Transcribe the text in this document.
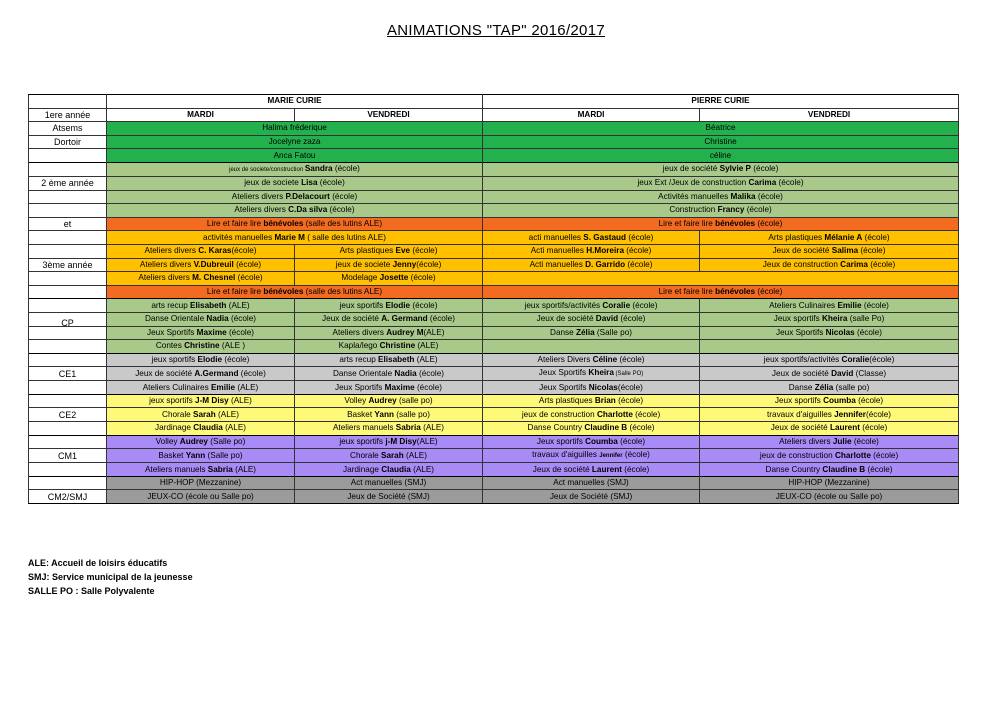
ANIMATIONS "TAP" 2016/2017
	MARIE CURIE		PIERRE CURIE	
1ere année	MARDI	VENDREDI	MARDI	VENDREDI
Atsems	Halima fréderique		Béatrice	
Dortoir	Jocelyne zaza		Christine	
	Anca Fatou		céline	
	jeux de societe/construction Sandra (école)		jeux de société Sylvie P (école)	
2 ème année	jeux de societe Lisa (école)		jeux Ext /Jeux de construction Carima (école)	
	Ateliers divers P.Delacourt (école)		Activités manuelles Malika (école)	
	Ateliers divers C.Da silva (école)		Construction Francy (école)	
et	Lire et faire lire bénévoles (salle des lutins ALE)		Lire et faire lire bénévoles (école)	
	activités manuelles Marie M ( salle des lutins ALE)		acti manuelles S. Gastaud (école)	Arts plastiques Mélanie A (école)
	Ateliers divers C. Karas(école)	Arts plastiques Eve (école)	Acti manuelles H.Moreira (école)	Jeux de société Salima (école)
3ème année	Ateliers divers V.Dubreuil (école)	jeux de societe Jenny(école)	Acti manuelles D. Garrido (école)	Jeux de construction Carima (école)
	Ateliers divers M. Chesnel (école)	Modelage Josette (école)		
	Lire et faire lire bénévoles (salle des lutins ALE)		Lire et faire lire bénévoles (école)	
	arts recup Elisabeth (ALE)	jeux sportifs Elodie (école)	jeux sportifs/activités Coralie (école)	Ateliers Culinaires Emilie (école)
CP	Danse Orientale Nadia (école)	Jeux de société A. Germand (école)	Jeux de société David (école)	Jeux sportifs Kheira (salle Po)
	Jeux Sportifs Maxime (école)	Ateliers divers Audrey M(ALE)	Danse Zélia (Salle po)	Jeux Sportifs Nicolas (école)
	Contes Christine (ALE )	Kapla/lego Christine (ALE)		
	jeux sportifs Elodie (école)	arts recup Elisabeth (ALE)	Ateliers Divers Céline (école)	jeux sportifs/activités Coralie(école)
CE1	Jeux de société A.Germand (école)	Danse Orientale Nadia (école)	Jeux Sportifs Kheira (Salle PO)	Jeux de société David (Classe)
	Ateliers Culinaires Emilie (ALE)	Jeux Sportifs Maxime (école)	Jeux Sportifs Nicolas(école)	Danse Zélia (salle po)
	jeux sportifs J-M Disy (ALE)	Volley Audrey (salle po)	Arts plastiques Brian (école)	Jeux sportifs Coumba (école)
CE2	Chorale Sarah (ALE)	Basket Yann (salle po)	jeux de construction Charlotte (école)	travaux d'aiguilles Jennifer(école)
	Jardinage Claudia (ALE)	Ateliers manuels Sabria (ALE)	Danse Country Claudine B (école)	Jeux de société Laurent (école)
	Volley Audrey (Salle po)	jeux sportifs j-M Disy(ALE)	Jeux sportifs Coumba (école)	Ateliers divers Julie (école)
CM1	Basket Yann (Salle po)	Chorale Sarah (ALE)	travaux d'aiguilles Jennifer (école)	jeux de construction Charlotte (école)
	Ateliers manuels Sabria (ALE)	Jardinage Claudia (ALE)	Jeux de société Laurent (école)	Danse Country Claudine B (école)
	HIP-HOP (Mezzanine)	Act manuelles (SMJ)	Act manuelles (SMJ)	HIP-HOP (Mezzanine)
CM2/SMJ	JEUX-CO (école ou Salle po)	Jeux de Société (SMJ)	Jeux de Société (SMJ)	JEUX-CO (école ou Salle po)
ALE: Accueil de loisirs éducatifs
SMJ: Service municipal de la jeunesse
SALLE PO : Salle Polyvalente
